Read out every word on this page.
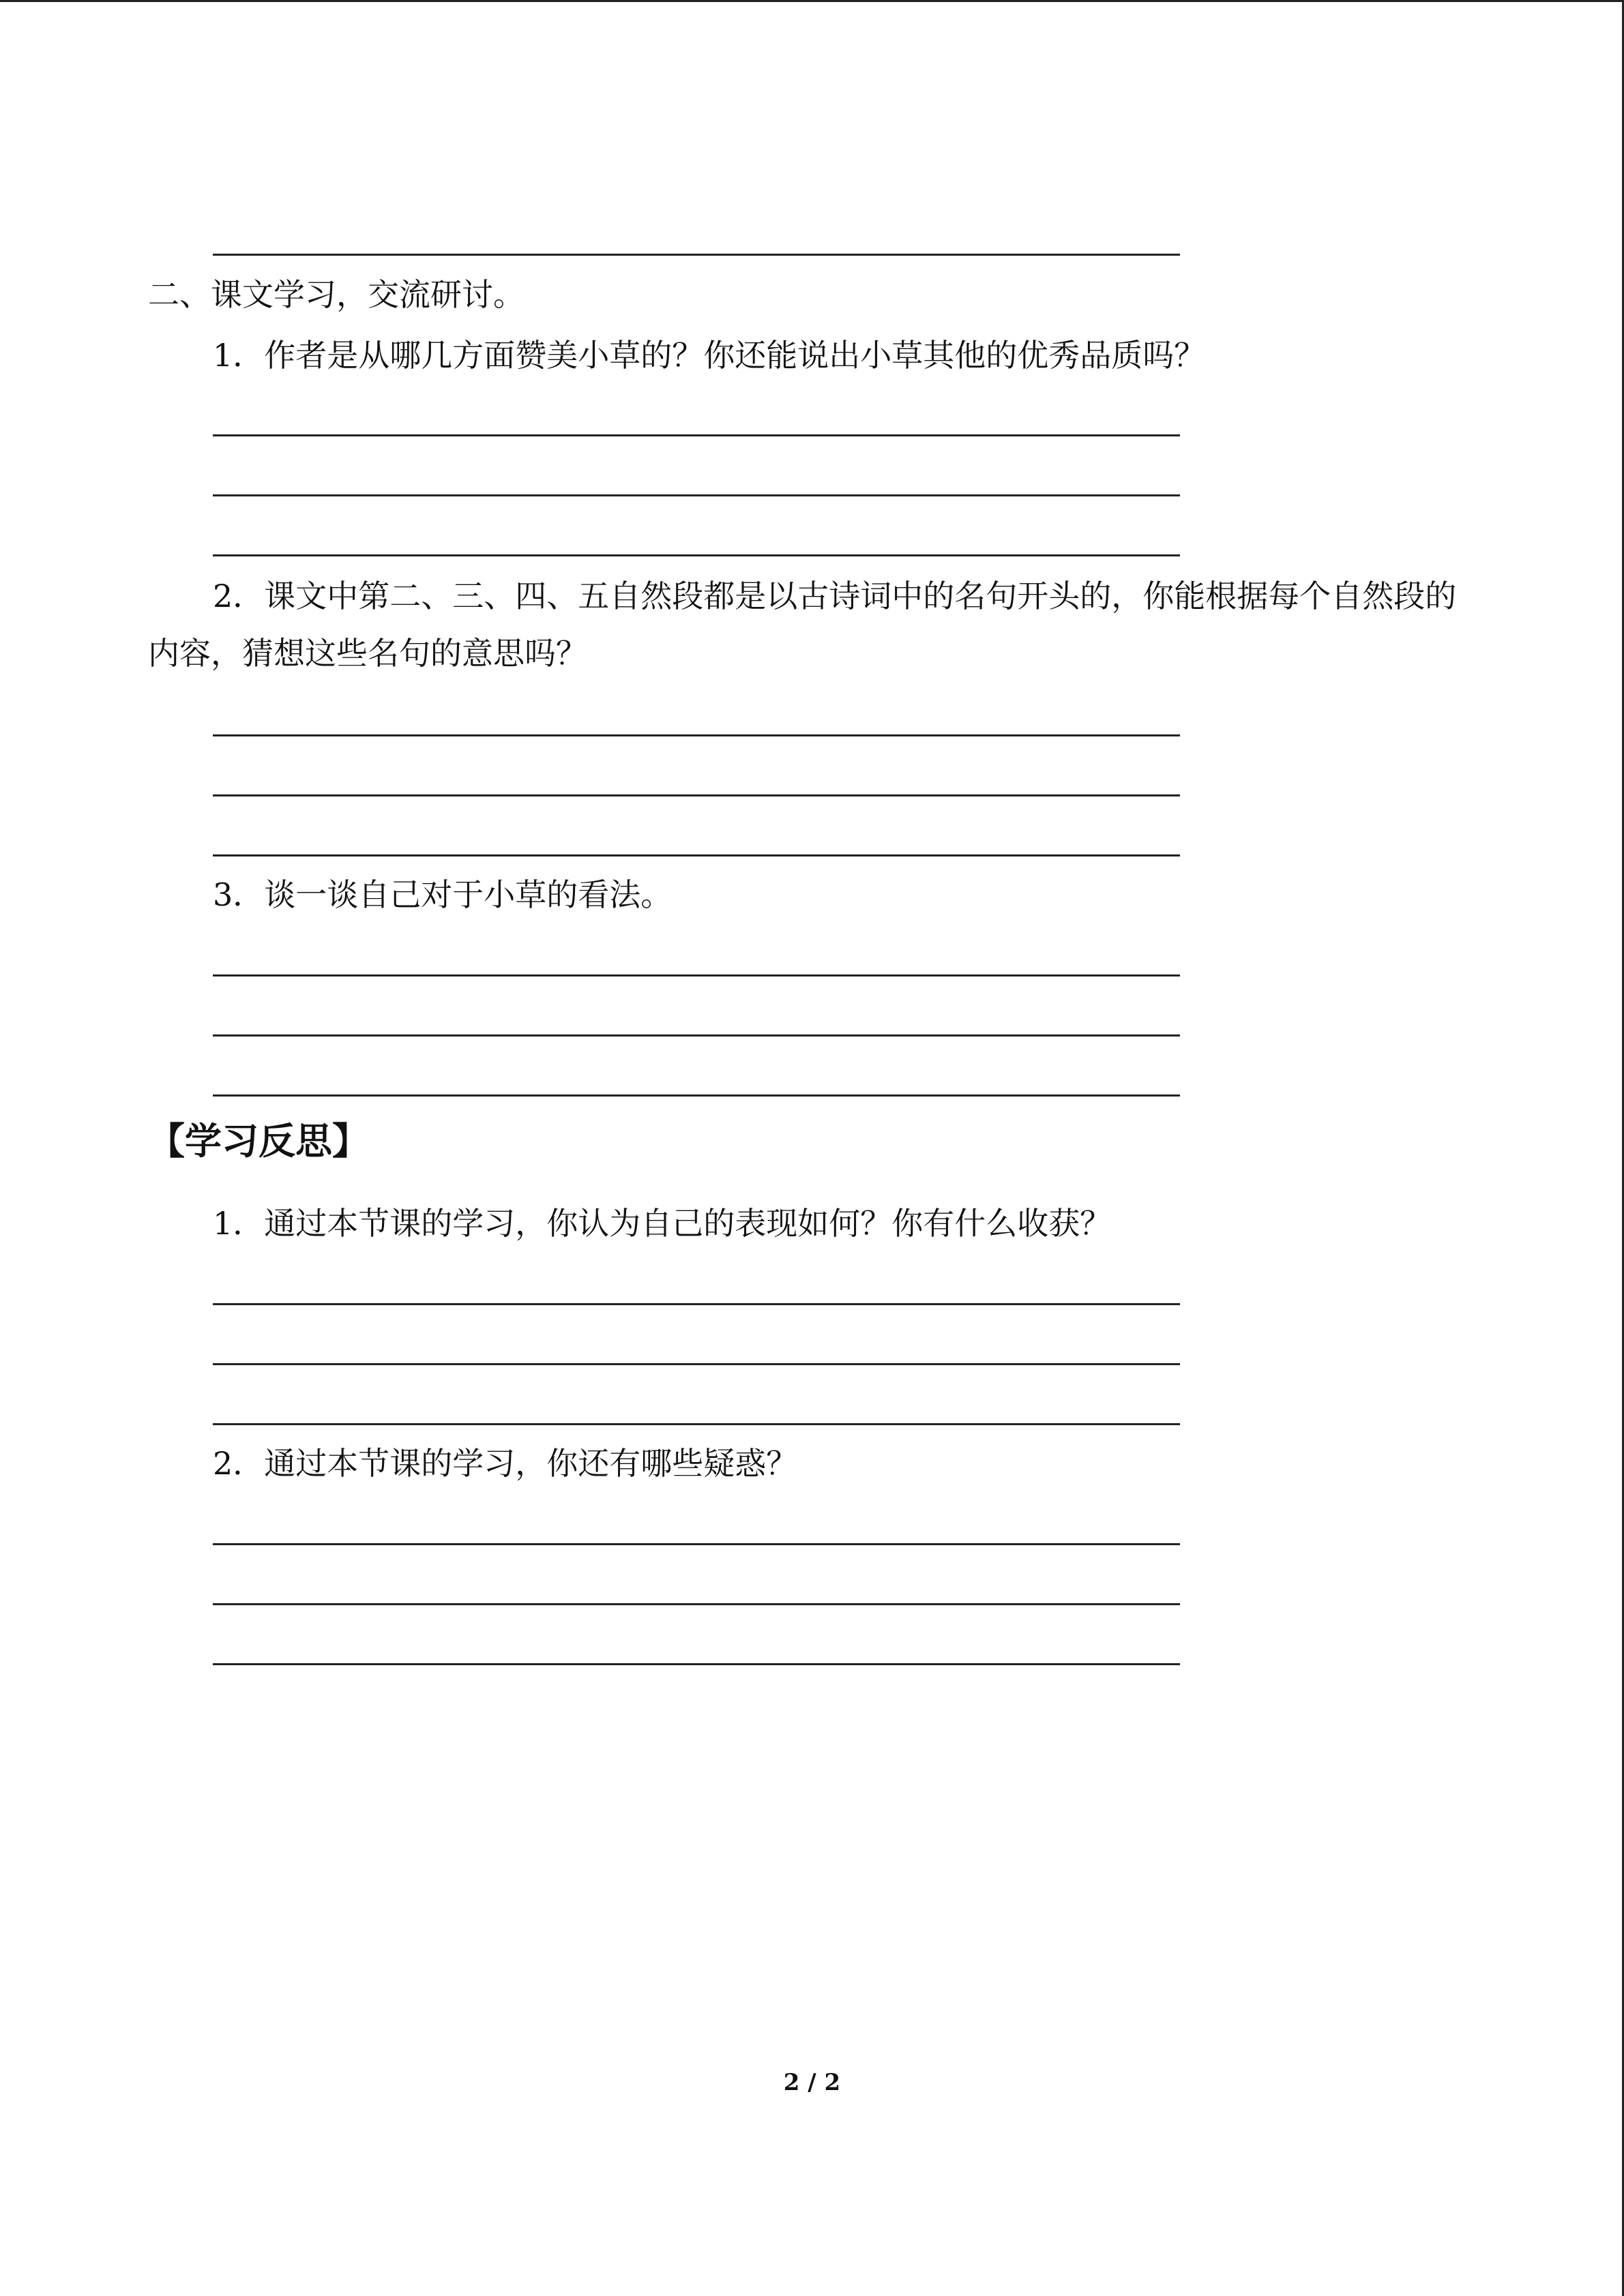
二、课文学习，交流研讨。
1．作者是从哪几方面赞美小草的？你还能说出小草其他的优秀品质吗？
2．课文中第二、三、四、五自然段都是以古诗词中的名句开头的，你能根据每个自然段的内容，猜想这些名句的意思吗？
3．谈一谈自己对于小草的看法。
【学习反思】
1．通过本节课的学习，你认为自己的表现如何？你有什么收获？
2．通过本节课的学习，你还有哪些疑惑？
2 / 2
